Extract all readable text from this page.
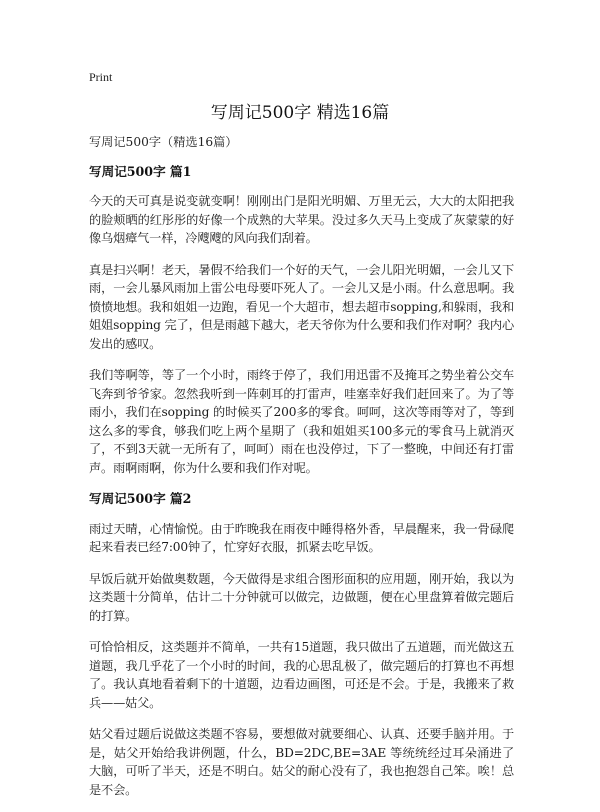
Print
写周记500字 精选16篇

写周记500字（精选16篇）

写周记500字 篇1

今天的天可真是说变就变啊！刚刚出门是阳光明媚、万里无云，大大的太阳把我的脸颊晒的红彤彤的好像一个成熟的大苹果。没过多久天马上变成了灰蒙蒙的好像乌烟瘴气一样，冷飕飕的风向我们刮着。

真是扫兴啊！老天，暑假不给我们一个好的天气，一会儿阳光明媚，一会儿又下雨，一会儿暴风雨加上雷公电母要吓死人了。一会儿又是小雨。什么意思啊。我愤愤地想。我和姐姐一边跑，看见一个大超市，想去超市sopping,和躲雨，我和姐姐sopping 完了，但是雨越下越大，老天爷你为什么要和我们作对啊？我内心发出的感叹。

我们等啊等，等了一个小时，雨终于停了，我们用迅雷不及掩耳之势坐着公交车飞奔到爷爷家。忽然我听到一阵刺耳的打雷声，哇塞幸好我们赶回来了。为了等雨小，我们在sopping 的时候买了200多的零食。呵呵，这次等雨等对了，等到这么多的零食，够我们吃上两个星期了（我和姐姐买100多元的零食马上就消灭了，不到3天就一无所有了，呵呵）雨在也没停过，下了一整晚，中间还有打雷声。雨啊雨啊，你为什么要和我们作对呢。

写周记500字 篇2

雨过天晴，心情愉悦。由于昨晚我在雨夜中睡得格外香，早晨醒来，我一骨碌爬起来看表已经7:00钟了，忙穿好衣服，抓紧去吃早饭。

早饭后就开始做奥数题，今天做得是求组合图形面积的应用题，刚开始，我以为这类题十分简单，估计二十分钟就可以做完，边做题，便在心里盘算着做完题后的打算。

可恰恰相反，这类题并不简单，一共有15道题，我只做出了五道题，而光做这五道题，我几乎花了一个小时的时间，我的心思乱极了，做完题后的打算也不再想了。我认真地看着剩下的十道题，边看边画图，可还是不会。于是，我搬来了救兵——姑父。

姑父看过题后说做这类题不容易，要想做对就要细心、认真、还要手脑并用。于是，姑父开始给我讲例题，什么，BD=2DC,BE=3AE 等统统经过耳朵涌进了大脑，可听了半天，还是不明白。姑父的耐心没有了，我也抱怨自己笨。唉！总是不会。
